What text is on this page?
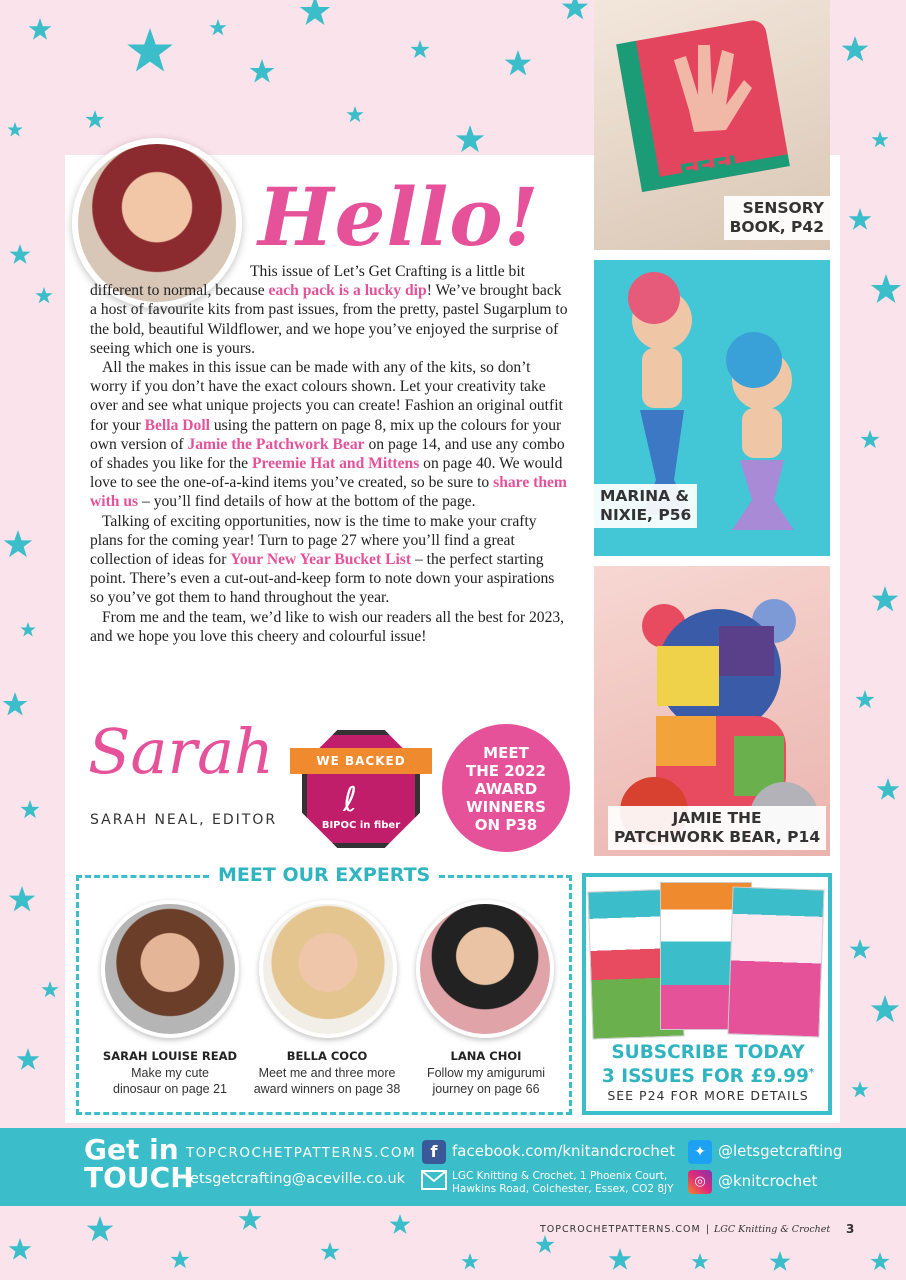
Hello!

This issue of Let’s Get Crafting is a little bit different to normal, because each pack is a lucky dip! We’ve brought back a host of favourite kits from past issues, from the pretty, pastel Sugarplum to the bold, beautiful Wildflower, and we hope you’ve enjoyed the surprise of seeing which one is yours.

All the makes in this issue can be made with any of the kits, so don’t worry if you don’t have the exact colours shown. Let your creativity take over and see what unique projects you can create! Fashion an original outfit for your Bella Doll using the pattern on page 8, mix up the colours for your own version of Jamie the Patchwork Bear on page 14, and use any combo of shades you like for the Preemie Hat and Mittens on page 40. We would love to see the one-of-a-kind items you’ve created, so be sure to share them with us – you’ll find details of how at the bottom of the page.

Talking of exciting opportunities, now is the time to make your crafty plans for the coming year! Turn to page 27 where you’ll find a great collection of ideas for Your New Year Bucket List – the perfect starting point. There’s even a cut-out-and-keep form to note down your aspirations so you’ve got them to hand throughout the year.

From me and the team, we’d like to wish our readers all the best for 2023, and we hope you love this cheery and colourful issue!

Sarah
SARAH NEAL, EDITOR
WE BACKED
ℓ
BIPOC in fiber
MEET
THE 2022
AWARD
WINNERS
ON P38
FEEL
SENSORY
BOOK, P42
MARINA &
NIXIE, P56
JAMIE THE
PATCHWORK BEAR, P14
MEET OUR EXPERTS
SARAH LOUISE READ
Make my cute
dinosaur on page 21
BELLA COCO
Meet me and three more
award winners on page 38
LANA CHOI
Follow my amigurumi
journey on page 66
SUBSCRIBE TODAY
3 ISSUES FOR £9.99*
SEE P24 FOR MORE DETAILS
Get in
TOUCH
TOPCROCHETPATTERNS.COM
letsgetcrafting@aceville.co.uk
f facebook.com/knitandcrochet
LGC Knitting & Crochet, 1 Phoenix Court,
Hawkins Road, Colchester, Essex, CO2 8JY
✦ @letsgetcrafting
◎ @knitcrochet
TOPCROCHETPATTERNS.COM | LGC Knitting & Crochet 3
